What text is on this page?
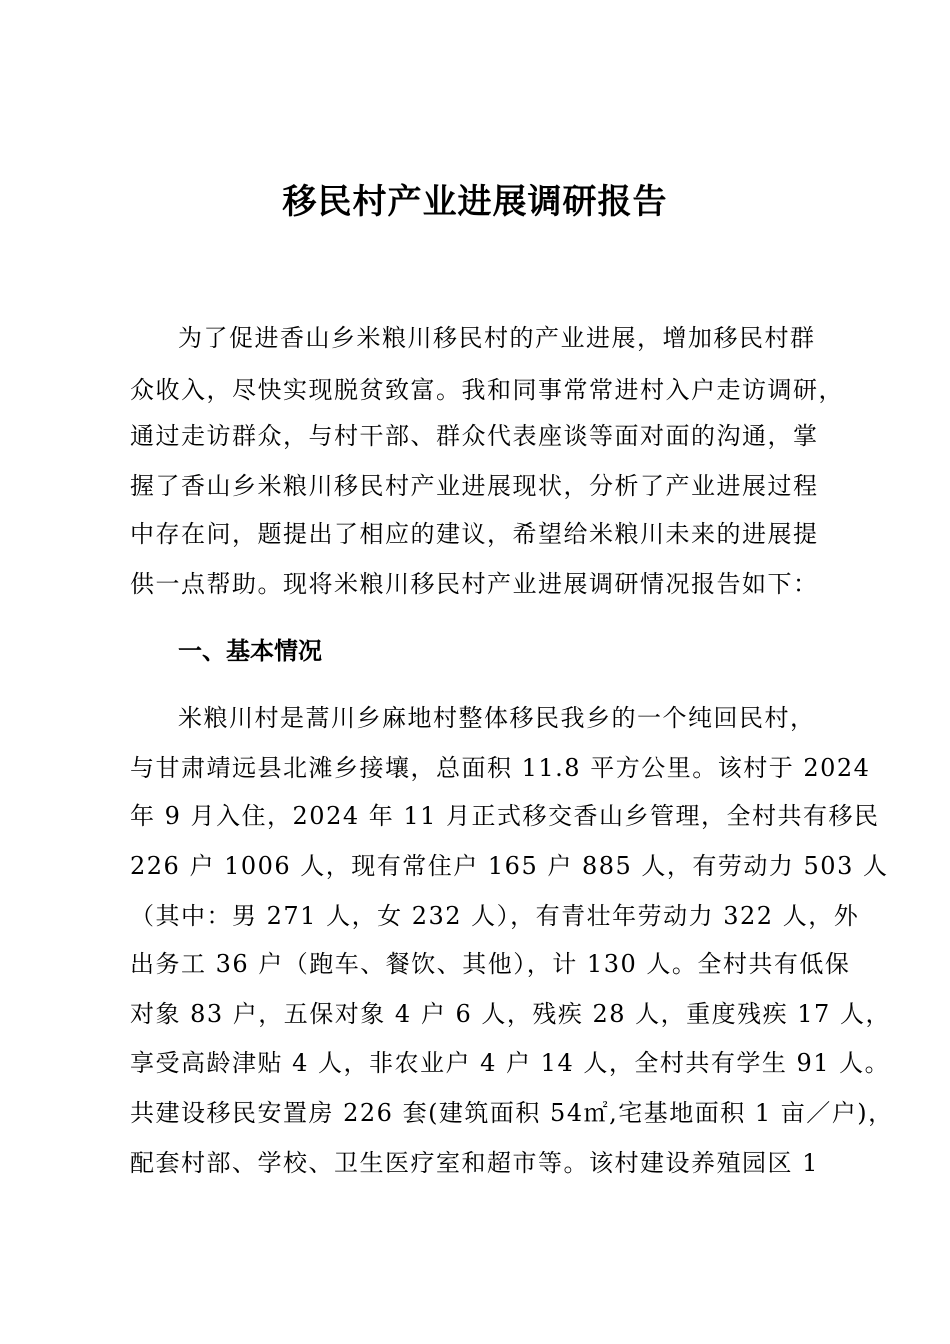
移民村产业进展调研报告
为了促进香山乡米粮川移民村的产业进展，增加移民村群
众收入，尽快实现脱贫致富。我和同事常常进村入户走访调研，
通过走访群众，与村干部、群众代表座谈等面对面的沟通，掌
握了香山乡米粮川移民村产业进展现状，分析了产业进展过程
中存在问，题提出了相应的建议，希望给米粮川未来的进展提
供一点帮助。现将米粮川移民村产业进展调研情况报告如下：
一、基本情况
米粮川村是蒿川乡麻地村整体移民我乡的一个纯回民村，
与甘肃靖远县北滩乡接壤，总面积 11.8 平方公里。该村于 2024
年 9 月入住，2024 年 11 月正式移交香山乡管理，全村共有移民
226 户 1006 人，现有常住户 165 户 885 人，有劳动力 503 人
（其中：男 271 人，女 232 人），有青壮年劳动力 322 人，外
出务工 36 户（跑车、餐饮、其他），计 130 人。全村共有低保
对象 83 户，五保对象 4 户 6 人，残疾 28 人，重度残疾 17 人，
享受高龄津贴 4 人，非农业户 4 户 14 人，全村共有学生 91 人。
共建设移民安置房 226 套(建筑面积 54㎡,宅基地面积 1 亩／户)，
配套村部、学校、卫生医疗室和超市等。该村建设养殖园区 1
